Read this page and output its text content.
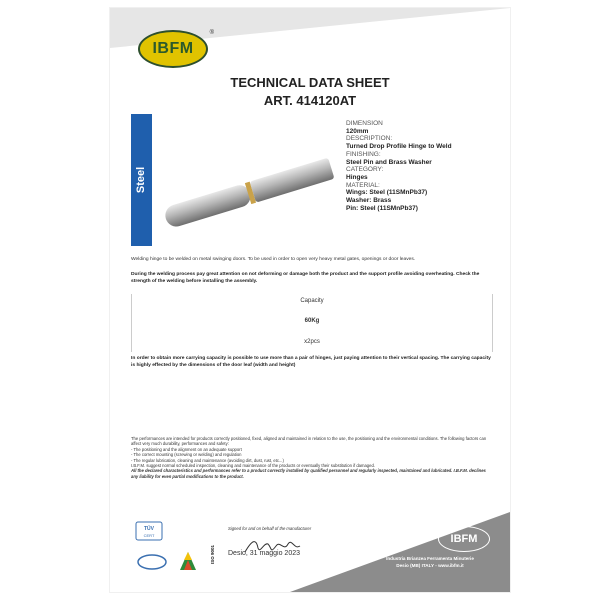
IBFM
®
TECHNICAL DATA SHEET
ART. 414120AT
Steel
DIMENSION
120mm
DESCRIPTION:
Turned Drop Profile Hinge to Weld
FINISHING:
Steel Pin and Brass Washer
CATEGORY:
Hinges
MATERIAL:
Wings: Steel (11SMnPb37)
Washer: Brass
Pin: Steel (11SMnPb37)
Welding hinge to be welded on metal swinging doors. To be used in order to open very heavy metal gates, openings or door leaves.
During the welding process pay great attention on not deforming or damage both the product and the support profile avoiding overheating. Check the strength of the welding before installing the assembly.
Capacity
60Kg
x2pcs
In order to obtain more carrying capacity is possible to use more than a pair of hinges, just paying attention to their vertical spacing. The carrying capacity is highly effected by the dimensions of the door leaf (width and height)
The performances are intended for products correctly positioned, fixed, aligned and maintained in relation to the use, the positioning and the environmental conditions. The following factors can affect very much durability, performances and safety:
- The positioning and the alignment on an adequate support
- The correct mounting (screwing or welding) and regulation
- The regular lubrication, cleaning and maintenance (avoiding dirt, dust, rust, etc...)
I.B.F.M. suggest normal scheduled inspection, cleaning and maintenance of the products or eventually their substitution if damaged.
All the declared characteristics and performances refer to a product correctly installed by qualified personnel and regularly inspected, maintained and lubricated. I.B.F.M. declines any liability for even partial modifications to the product.
TÜV
CERT
ISO 9001
Signed for and on behalf of the manufacturer
Desio, 31 maggio 2023
IBFM
Industria Brianzea Ferramenta Minuterie
Desio (MB) ITALY - www.ibfm.it
